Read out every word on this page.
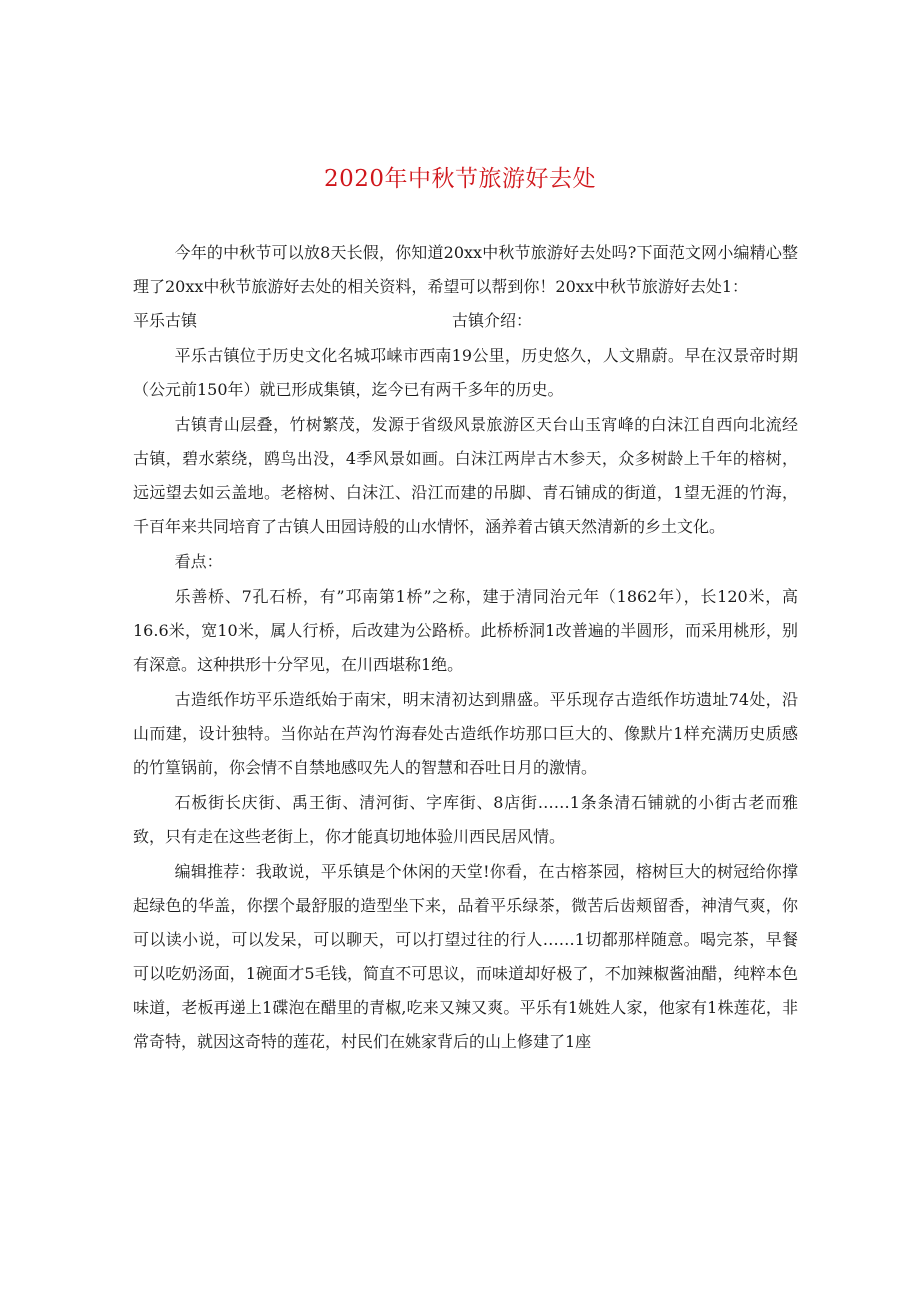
2020年中秋节旅游好去处

今年的中秋节可以放8天长假，你知道20xx中秋节旅游好去处吗?下面范文网小编精心整理了20xx中秋节旅游好去处的相关资料，希望可以帮到你！20xx中秋节旅游好去处1：
平乐古镇	古镇介绍：

平乐古镇位于历史文化名城邛崃市西南19公里，历史悠久，人文鼎蔚。早在汉景帝时期（公元前150年）就已形成集镇，迄今已有两千多年的历史。

古镇青山层叠，竹树繁茂，发源于省级风景旅游区天台山玉宵峰的白沫江自西向北流经古镇，碧水萦绕，鸥鸟出没，4季风景如画。白沫江两岸古木参天，众多树龄上千年的榕树，远远望去如云盖地。老榕树、白沫江、沿江而建的吊脚、青石铺成的街道，1望无涯的竹海，千百年来共同培育了古镇人田园诗般的山水情怀，涵养着古镇天然清新的乡土文化。

看点：

乐善桥、7孔石桥，有”邛南第1桥”之称，建于清同治元年（1862年），长120米，高16.6米，宽10米，属人行桥，后改建为公路桥。此桥桥洞1改普遍的半圆形，而采用桃形，别有深意。这种拱形十分罕见，在川西堪称1绝。

古造纸作坊平乐造纸始于南宋，明末清初达到鼎盛。平乐现存古造纸作坊遗址74处，沿山而建，设计独特。当你站在芦沟竹海春处古造纸作坊那口巨大的、像默片1样充满历史质感的竹篁锅前，你会情不自禁地感叹先人的智慧和吞吐日月的激情。

石板街长庆街、禹王街、清河街、字库街、8店街……1条条清石铺就的小街古老而雅致，只有走在这些老街上，你才能真切地体验川西民居风情。

编辑推荐：我敢说，平乐镇是个休闲的天堂!你看，在古榕茶园，榕树巨大的树冠给你撑起绿色的华盖，你摆个最舒服的造型坐下来，品着平乐绿茶，微苦后齿颊留香，神清气爽，你可以读小说，可以发呆，可以聊天，可以打望过往的行人……1切都那样随意。喝完茶，早餐可以吃奶汤面，1碗面才5毛钱，简直不可思议，而味道却好极了，不加辣椒酱油醋，纯粹本色味道，老板再递上1碟泡在醋里的青椒,吃来又辣又爽。平乐有1姚姓人家，他家有1株莲花，非常奇特，就因这奇特的莲花，村民们在姚家背后的山上修建了1座
